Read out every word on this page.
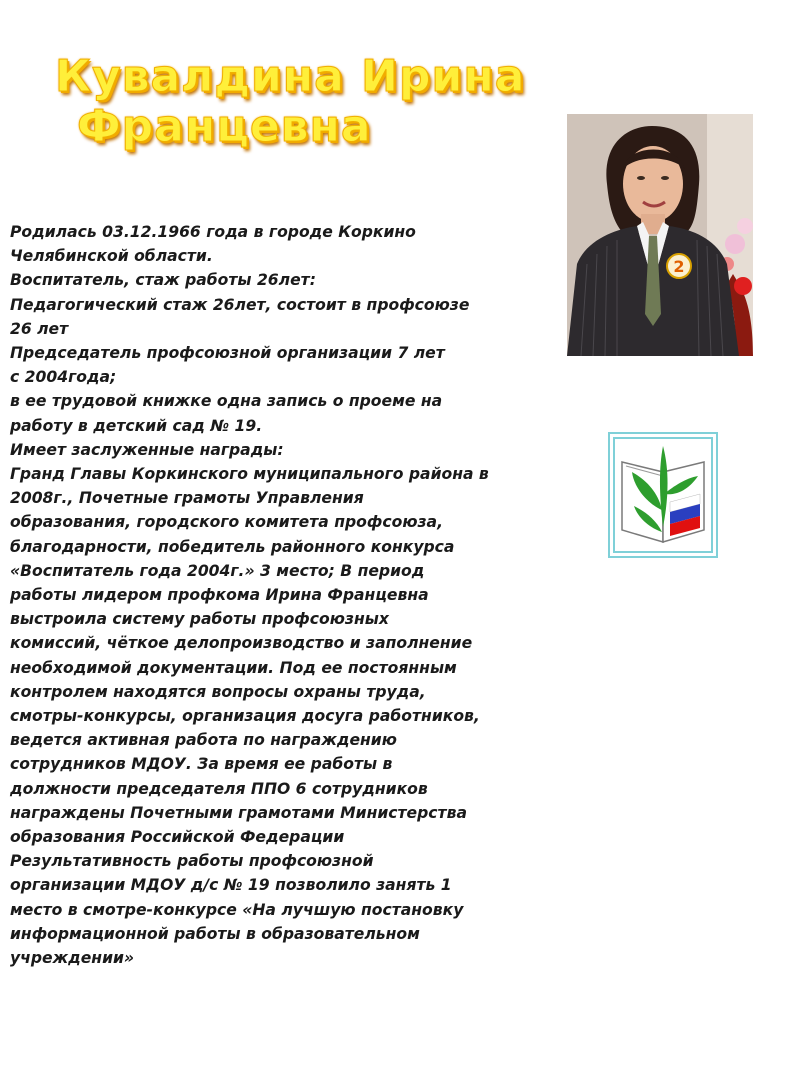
Кувалдина Ирина
Францевна
2

Родилась 03.12.1966 года в городе Коркино

Челябинской области.

Воспитатель, стаж работы 26лет:

Педагогический стаж 26лет, состоит в профсоюзе

26 лет

Председатель профсоюзной организации 7 лет

с 2004года;

в ее трудовой книжке одна запись о проеме на

работу в детский сад № 19.

Имеет заслуженные награды:

Гранд Главы Коркинского муниципального района в

2008г., Почетные грамоты Управления

образования, городского комитета профсоюза,

благодарности, победитель районного конкурса

«Воспитатель года 2004г.» 3 место; В период

работы лидером профкома Ирина Францевна

выстроила систему работы профсоюзных

комиссий, чёткое делопроизводство и заполнение

необходимой документации. Под ее постоянным

контролем находятся вопросы охраны труда,

смотры-конкурсы, организация досуга работников,

ведется активная работа по награждению

сотрудников МДОУ. За время ее работы в

должности председателя ППО 6 сотрудников

награждены Почетными грамотами Министерства

образования Российской Федерации

Результативность работы профсоюзной

организации МДОУ д/с № 19 позволило занять 1

место в смотре-конкурсе «На лучшую постановку

информационной работы в образовательном

учреждении»
